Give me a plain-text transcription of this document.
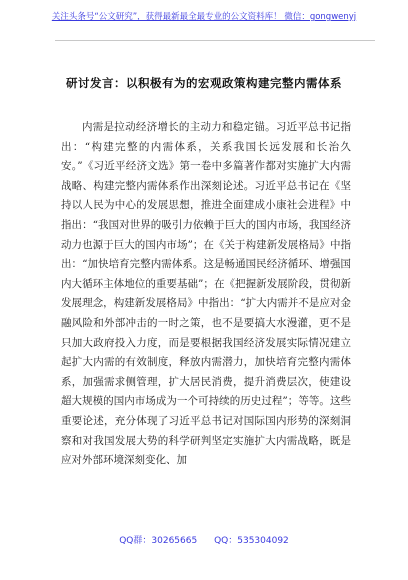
关注头条号“公文研究”，获得最新最全最专业的公文资料库！ 微信：gongwenyj
研讨发言：以积极有为的宏观政策构建完整内需体系

内需是拉动经济增长的主动力和稳定锚。习近平总书记指出：“构建完整的内需体系，关系我国长远发展和长治久安。”《习近平经济文选》第一卷中多篇著作都对实施扩大内需战略、构建完整内需体系作出深刻论述。习近平总书记在《坚持以人民为中心的发展思想，推进全面建成小康社会进程》中指出：“我国对世界的吸引力依赖于巨大的国内市场，我国经济动力也源于巨大的国内市场”；在《关于构建新发展格局》中指出：“加快培育完整内需体系。这是畅通国民经济循环、增强国内大循环主体地位的重要基础”；在《把握新发展阶段，贯彻新发展理念，构建新发展格局》中指出：“扩大内需并不是应对金融风险和外部冲击的一时之策，也不是要搞大水漫灌，更不是只加大政府投入力度，而是要根据我国经济发展实际情况建立起扩大内需的有效制度，释放内需潜力，加快培育完整内需体系，加强需求侧管理，扩大居民消费，提升消费层次，使建设超大规模的国内市场成为一个可持续的历史过程”；等等。这些重要论述，充分体现了习近平总书记对国际国内形势的深刻洞察和对我国发展大势的科学研判坚定实施扩大内需战略，既是应对外部环境深刻变化、加

QQ群：30265665 QQ：535304092
